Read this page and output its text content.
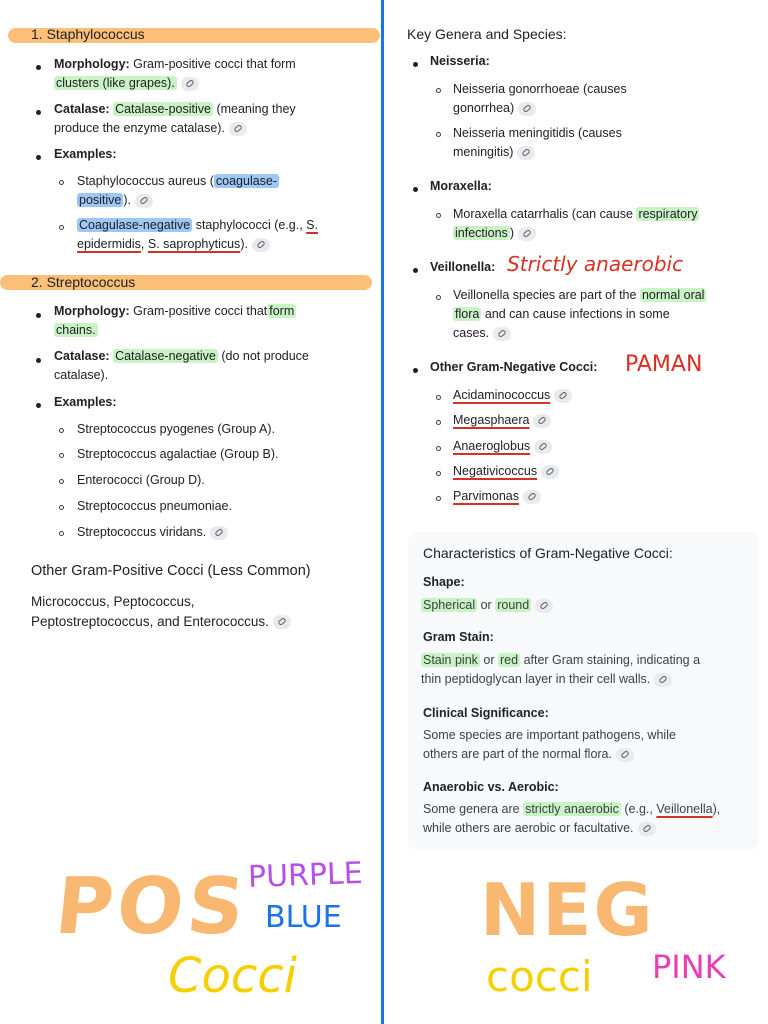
1. Staphylococcus
Morphology: Gram-positive cocci that form
clusters (like grapes).
Catalase: Catalase-positive (meaning they
produce the enzyme catalase).
Examples:
Staphylococcus aureus ( coagulase-
positive ).
Coagulase-negative staphylococci (e.g., S.
epidermidis, S. saprophyticus).
2. Streptococcus
Morphology: Gram-positive cocci that form
chains.
Catalase: Catalase-negative (do not produce
catalase).
Examples:
Streptococcus pyogenes (Group A).
Streptococcus agalactiae (Group B).
Enterococci (Group D).
Streptococcus pneumoniae.
Streptococcus viridans.
Other Gram-Positive Cocci (Less Common)
Micrococcus, Peptococcus,
Peptostreptococcus, and Enterococcus.
POS
PURPLE
BLUE
Cocci
Key Genera and Species:
Neisseria:
Neisseria gonorrhoeae (causes
gonorrhea)
Neisseria meningitidis (causes
meningitis)
Moraxella:
Moraxella catarrhalis (can cause respiratory
infections )
Veillonella: Strictly anaerobic
Veillonella species are part of the normal oral
flora and can cause infections in some
cases.
Other Gram-Negative Cocci: PAMAN
Acidaminococcus
Megasphaera
Anaeroglobus
Negativicoccus
Parvimonas
Characteristics of Gram-Negative Cocci:
Shape:
Spherical or round
Gram Stain:
Stain pink or red after Gram staining, indicating a
thin peptidoglycan layer in their cell walls.
Clinical Significance:
Some species are important pathogens, while
others are part of the normal flora.
Anaerobic vs. Aerobic:
Some genera are strictly anaerobic (e.g., Veillonella),
while others are aerobic or facultative.
NEG
cocci PINK
